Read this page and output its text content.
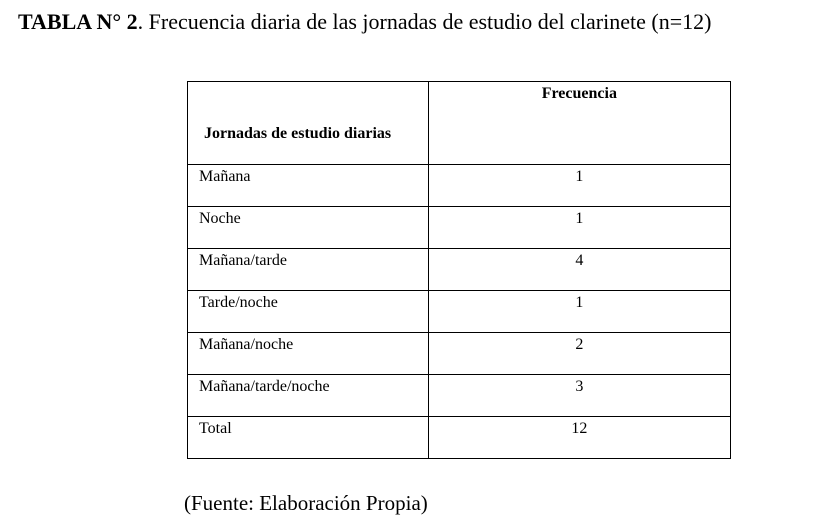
TABLA N° 2. Frecuencia diaria de las jornadas de estudio del clarinete (n=12)
Jornadas de estudio diarias	Frecuencia

Mañana	1

Noche	1

Mañana/tarde	4

Tarde/noche	1

Mañana/noche	2

Mañana/tarde/noche	3

Total	12
(Fuente: Elaboración Propia)
